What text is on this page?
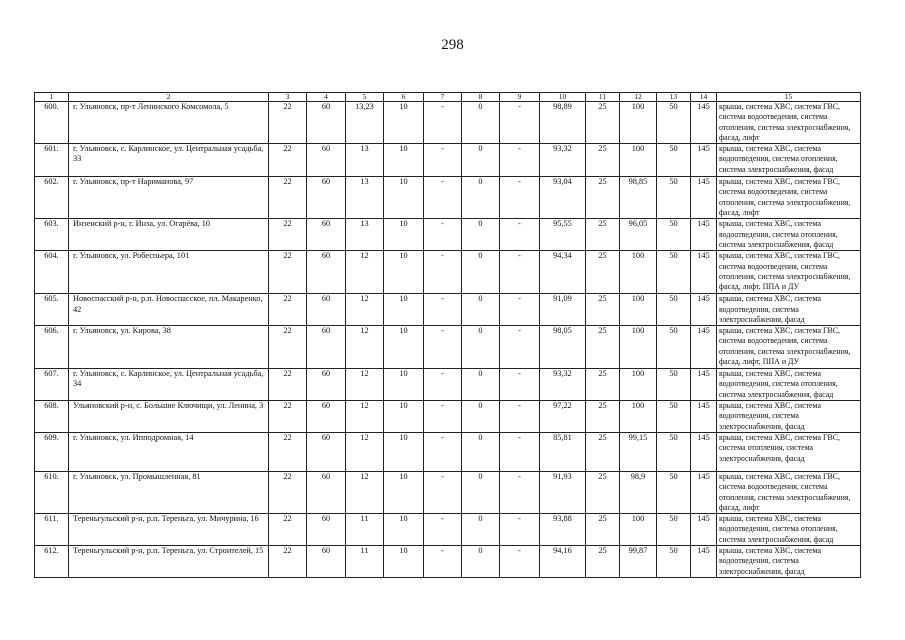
298
1	2	3	4	5	6	7	8	9	10	11	12	13	14	15
600.	г. Ульяновск, пр-т Ленинского Комсомола, 5	22	60	13,23	10	-	0	-	98,89	25	100	50	145	крыша, система ХВС, система ГВС, система водоотведения, система отопления, система электроснабжения, фасад, лифт
601.	г. Ульяновск, с. Карлинское, ул. Центральная усадьба, 33	22	60	13	10	-	0	-	93,32	25	100	50	145	крыша, система ХВС, система водоотведения, система отопления, система электроснабжения, фасад
602.	г. Ульяновск, пр-т Нариманова, 97	22	60	13	10	-	0	-	93,04	25	98,85	50	145	крыша, система ХВС, система ГВС, система водоотведения, система отопления, система электроснабжения, фасад, лифт
603.	Инзенский р-н, г. Инза, ул. Огарёва, 10	22	60	13	10	-	0	-	95,55	25	96,05	50	145	крыша, система ХВС, система водоотведения, система отопления, система электроснабжения, фасад
604.	г. Ульяновск, ул. Робеспьера, 101	22	60	12	10	-	0	-	94,34	25	100	50	145	крыша, система ХВС, система ГВС, система водоотведения, система отопления, система электроснабжения, фасад, лифт, ППА и ДУ
605.	Новоспасский р-н, р.п. Новоспасское, пл. Макаренко, 42	22	60	12	10	-	0	-	91,09	25	100	50	145	крыша, система ХВС, система водоотведения, система электроснабжения, фасад
606.	г. Ульяновск, ул. Кирова, 38	22	60	12	10	-	0	-	98,05	25	100	50	145	крыша, система ХВС, система ГВС, система водоотведения, система отопления, система электроснабжения, фасад, лифт, ППА и ДУ
607.	г. Ульяновск, с. Карлинское, ул. Центральная усадьба, 34	22	60	12	10	-	0	-	93,32	25	100	50	145	крыша, система ХВС, система водоотведения, система отопления, система электроснабжения, фасад
608.	Ульяновский р-н, с. Большие Ключищи, ул. Ленина, 3	22	60	12	10	-	0	-	97,22	25	100	50	145	крыша, система ХВС, система водоотведения, система электроснабжения, фасад
609.	г. Ульяновск, ул. Ипподромная, 14	22	60	12	10	-	0	-	85,81	25	99,15	50	145	крыша, система ХВС, система ГВС, система отопления, система электроснабжения, фасад
610.	г. Ульяновск, ул. Промышленная, 81	22	60	12	10	-	0	-	91,93	25	98,9	50	145	крыша, система ХВС, система ГВС, система водоотведения, система отопления, система электроснабжения, фасад, лифт
611.	Тереньгульский р-н, р.п. Тереньга, ул. Мичурина, 16	22	60	11	10	-	0	-	93,88	25	100	50	145	крыша, система ХВС, система водоотведения, система отопления, система электроснабжения, фасад
612.	Тереньгульский р-н, р.п. Тереньга, ул. Строителей, 15	22	60	11	10	-	0	-	94,16	25	99,87	50	145	крыша, система ХВС, система водоотведения, система электроснабжения, фасад
